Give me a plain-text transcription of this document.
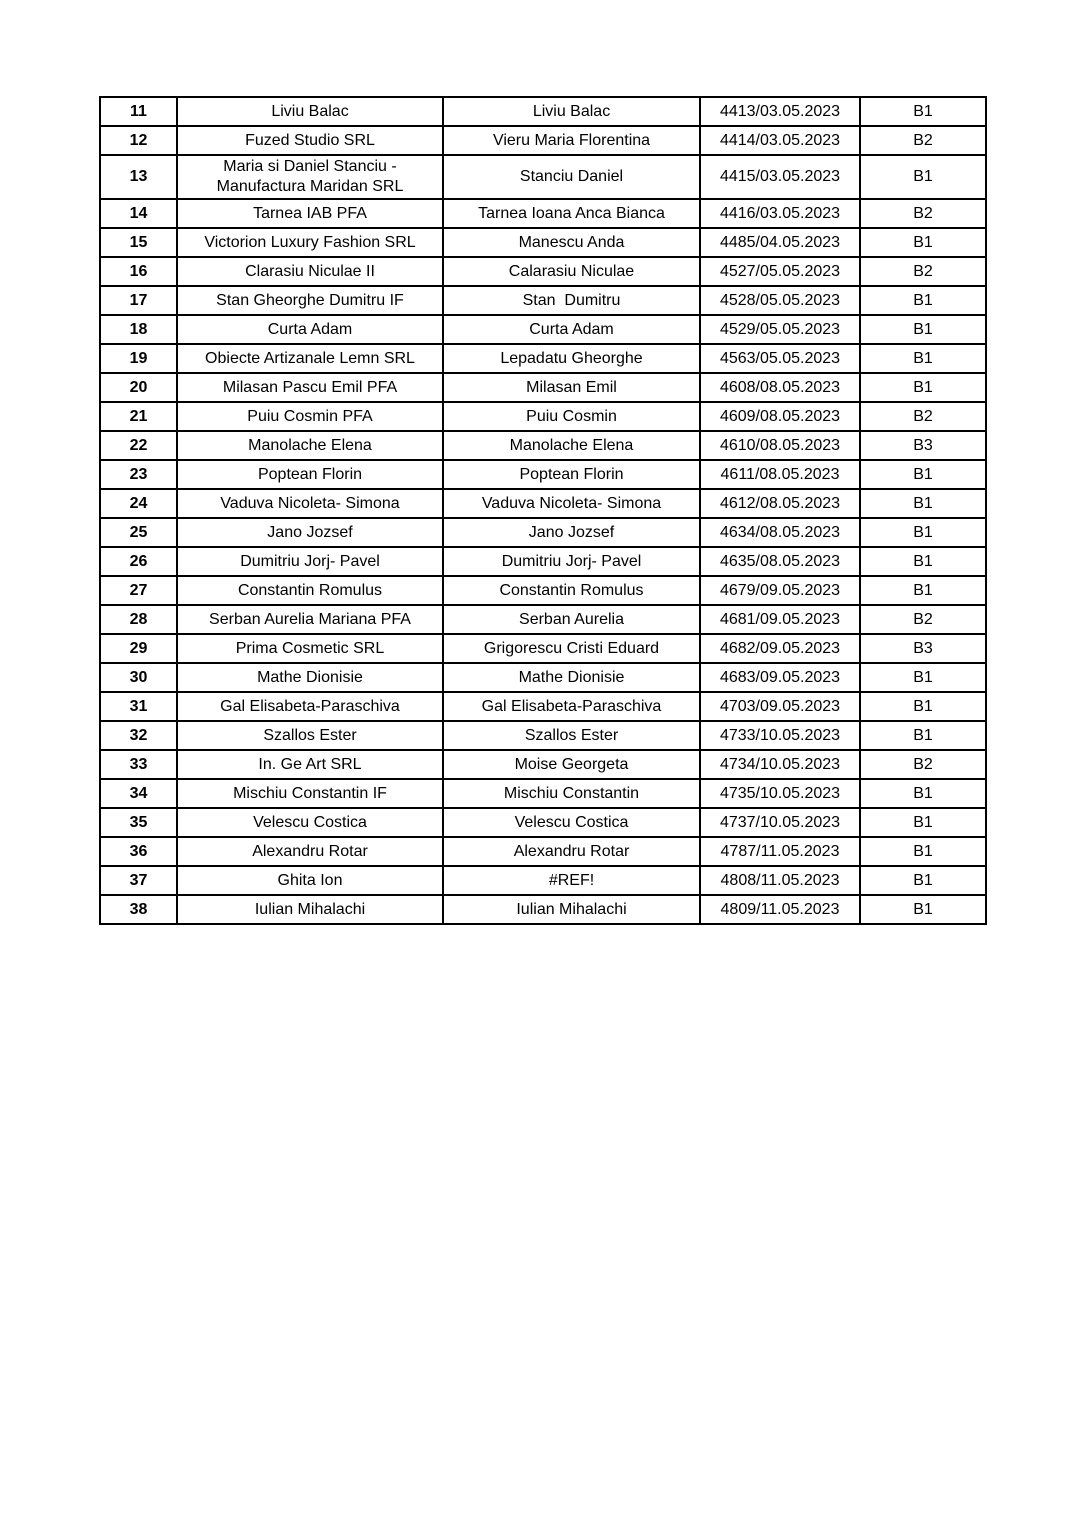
11	Liviu Balac	Liviu Balac	4413/03.05.2023	B1
12	Fuzed Studio SRL	Vieru Maria Florentina	4414/03.05.2023	B2
13	Maria si Daniel Stanciu - Manufactura Maridan SRL	Stanciu Daniel	4415/03.05.2023	B1
14	Tarnea IAB PFA	Tarnea Ioana Anca Bianca	4416/03.05.2023	B2
15	Victorion Luxury Fashion SRL	Manescu Anda	4485/04.05.2023	B1
16	Clarasiu Niculae II	Calarasiu Niculae	4527/05.05.2023	B2
17	Stan Gheorghe Dumitru IF	Stan  Dumitru	4528/05.05.2023	B1
18	Curta Adam	Curta Adam	4529/05.05.2023	B1
19	Obiecte Artizanale Lemn SRL	Lepadatu Gheorghe	4563/05.05.2023	B1
20	Milasan Pascu Emil PFA	Milasan Emil	4608/08.05.2023	B1
21	Puiu Cosmin PFA	Puiu Cosmin	4609/08.05.2023	B2
22	Manolache Elena	Manolache Elena	4610/08.05.2023	B3
23	Poptean Florin	Poptean Florin	4611/08.05.2023	B1
24	Vaduva Nicoleta- Simona	Vaduva Nicoleta- Simona	4612/08.05.2023	B1
25	Jano Jozsef	Jano Jozsef	4634/08.05.2023	B1
26	Dumitriu Jorj- Pavel	Dumitriu Jorj- Pavel	4635/08.05.2023	B1
27	Constantin Romulus	Constantin Romulus	4679/09.05.2023	B1
28	Serban Aurelia Mariana PFA	Serban Aurelia	4681/09.05.2023	B2
29	Prima Cosmetic SRL	Grigorescu Cristi Eduard	4682/09.05.2023	B3
30	Mathe Dionisie	Mathe Dionisie	4683/09.05.2023	B1
31	Gal Elisabeta-Paraschiva	Gal Elisabeta-Paraschiva	4703/09.05.2023	B1
32	Szallos Ester	Szallos Ester	4733/10.05.2023	B1
33	In. Ge Art SRL	Moise Georgeta	4734/10.05.2023	B2
34	Mischiu Constantin IF	Mischiu Constantin	4735/10.05.2023	B1
35	Velescu Costica	Velescu Costica	4737/10.05.2023	B1
36	Alexandru Rotar	Alexandru Rotar	4787/11.05.2023	B1
37	Ghita Ion	#REF!	4808/11.05.2023	B1
38	Iulian Mihalachi	Iulian Mihalachi	4809/11.05.2023	B1
